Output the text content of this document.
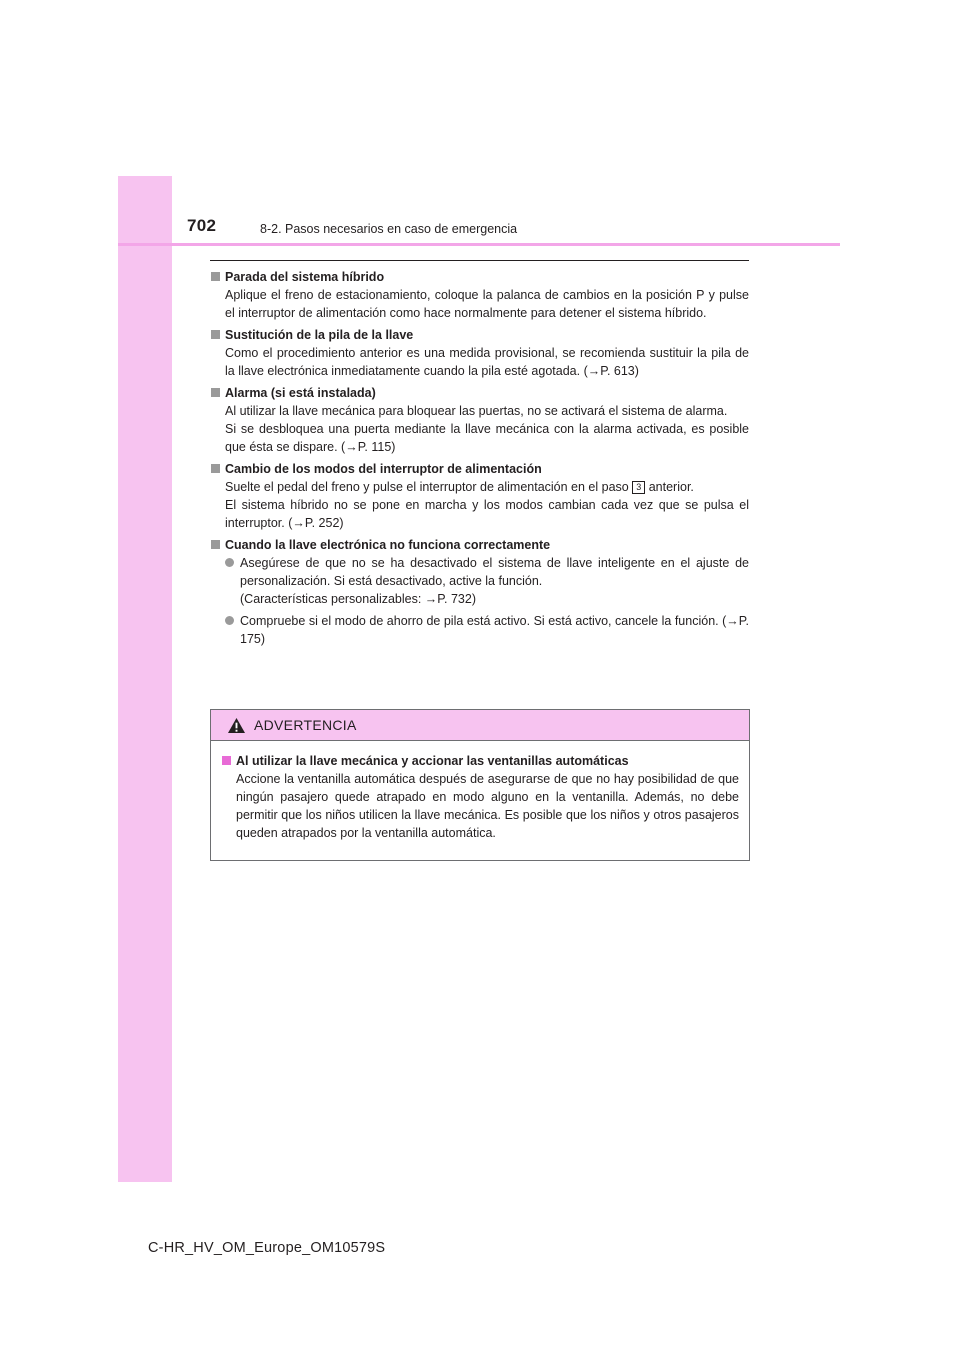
702	8-2. Pasos necesarios en caso de emergencia
Parada del sistema híbrido

Aplique el freno de estacionamiento, coloque la palanca de cambios en la posición P y pulse el interruptor de alimentación como hace normalmente para detener el sistema híbrido.

Sustitución de la pila de la llave

Como el procedimiento anterior es una medida provisional, se recomienda sustituir la pila de la llave electrónica inmediatamente cuando la pila esté agotada. (→P. 613)

Alarma (si está instalada)

Al utilizar la llave mecánica para bloquear las puertas, no se activará el sistema de alarma.

Si se desbloquea una puerta mediante la llave mecánica con la alarma activada, es posible que ésta se dispare. (→P. 115)

Cambio de los modos del interruptor de alimentación

Suelte el pedal del freno y pulse el interruptor de alimentación en el paso 3 anterior.

El sistema híbrido no se pone en marcha y los modos cambian cada vez que se pulsa el interruptor. (→P. 252)

Cuando la llave electrónica no funciona correctamente

Asegúrese de que no se ha desactivado el sistema de llave inteligente en el ajuste de personalización. Si está desactivado, active la función.

(Características personalizables: →P. 732)

Compruebe si el modo de ahorro de pila está activo. Si está activo, cancele la función. (→P. 175)

ADVERTENCIA
Al utilizar la llave mecánica y accionar las ventanillas automáticas

Accione la ventanilla automática después de asegurarse de que no hay posibilidad de que ningún pasajero quede atrapado en modo alguno en la ventanilla. Además, no debe permitir que los niños utilicen la llave mecánica. Es posible que los niños y otros pasajeros queden atrapados por la ventanilla automática.

C-HR_HV_OM_Europe_OM10579S
